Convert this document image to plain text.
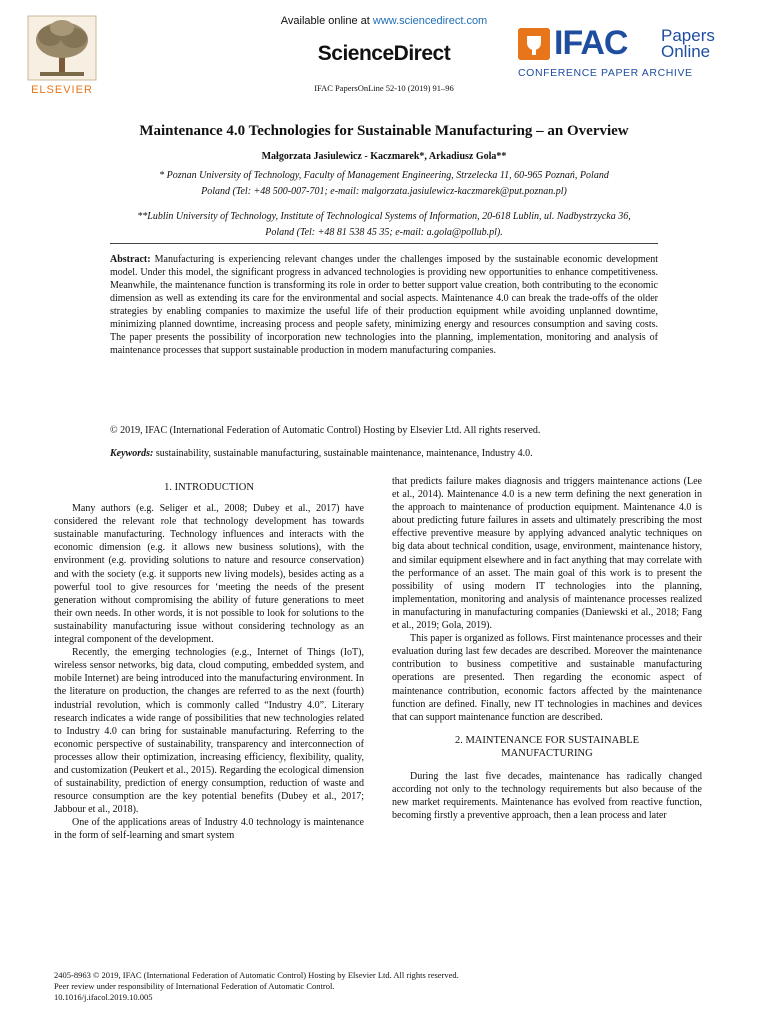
ELSEVIER
Available online at www.sciencedirect.com
ScienceDirect
IFAC PapersOnLine 52-10 (2019) 91–96
IFAC Papers
Online
CONFERENCE PAPER ARCHIVE
Maintenance 4.0 Technologies for Sustainable Manufacturing – an Overview
Małgorzata Jasiulewicz - Kaczmarek*, Arkadiusz Gola**
* Poznan University of Technology, Faculty of Management Engineering, Strzelecka 11, 60-965 Poznań, Poland
Poland (Tel: +48 500-007-701; e-mail: malgorzata.jasiulewicz-kaczmarek@put.poznan.pl)
**Lublin University of Technology, Institute of Technological Systems of Information, 20-618 Lublin, ul. Nadbystrzycka 36,
Poland (Tel: +48 81 538 45 35; e-mail: a.gola@pollub.pl).
Abstract: Manufacturing is experiencing relevant changes under the challenges imposed by the sustainable economic development model. Under this model, the significant progress in advanced technologies is providing new opportunities to enhance competitiveness. Meanwhile, the maintenance function is transforming its role in order to better support value creation, both contributing to the economic dimension as well as extending its care for the environmental and social aspects. Maintenance 4.0 can break the trade-offs of the older strategies by enabling companies to maximize the useful life of their production equipment while avoiding unplanned downtime, minimizing planned downtime, increasing process and people safety, minimizing energy and resources consumption and saving costs. The paper presents the possibility of incorporation new technologies into the planning, implementation, monitoring and analysis of maintenance processes that support sustainable production in modern manufacturing companies.
© 2019, IFAC (International Federation of Automatic Control) Hosting by Elsevier Ltd. All rights reserved.
Keywords: sustainability, sustainable manufacturing, sustainable maintenance, maintenance, Industry 4.0.
1. INTRODUCTION

Many authors (e.g. Seliger et al., 2008; Dubey et al., 2017) have considered the relevant role that technology development has towards sustainable manufacturing. Technology influences and interacts with the economic dimension (e.g. it allows new business solutions), with the environment (e.g. providing solutions to nature and resource conservation) and with the society (e.g. it supports new living models), besides acting as a powerful tool to give resources for ‘meeting the needs of the present generation without compromising the ability of future generations to meet their own needs. In other words, it is not possible to look for solutions to the sustainability manufacturing issue without considering technology as an integral component of the development.

Recently, the emerging technologies (e.g., Internet of Things (IoT), wireless sensor networks, big data, cloud computing, embedded system, and mobile Internet) are being introduced into the manufacturing environment. In the literature on production, the changes are referred to as the next (fourth) industrial revolution, which is commonly called “Industry 4.0”. Literary research indicates a wide range of possibilities that new technologies related to Industry 4.0 can bring for sustainable manufacturing. Referring to the economic perspective of sustainability, transparency and interconnection of processes allow their optimization, increasing efficiency, flexibility, quality, and customization (Peukert et al., 2015). Regarding the ecological dimension of sustainability, prediction of energy consumption, reduction of waste and resource consumption are the key potential benefits (Dubey et al., 2017; Jabbour et al., 2018).

One of the applications areas of Industry 4.0 technology is maintenance in the form of self-learning and smart system

that predicts failure makes diagnosis and triggers maintenance actions (Lee et al., 2014). Maintenance 4.0 is a new term defining the next generation in the approach to maintenance of production equipment. Maintenance 4.0 is about predicting future failures in assets and ultimately prescribing the most effective preventive measure by applying advanced analytic techniques on big data about technical condition, usage, environment, maintenance history, and similar equipment elsewhere and in fact anything that may correlate with the performance of an asset. The main goal of this work is to present the possibility of using modern IT technologies into the planning, implementation, monitoring and analysis of maintenance processes realized in manufacturing in manufacturing companies (Daniewski et al., 2018; Fang et al., 2019; Gola, 2019).

This paper is organized as follows. First maintenance processes and their evaluation during last few decades are described. Moreover the maintenance contribution to business competitive and sustainable manufacturing operations are presented. Then regarding the economic aspect of maintenance contribution, economic factors affected by the maintenance function are defined. Finally, new IT technologies in machines and devices that can support maintenance function are described.

2. MAINTENANCE FOR SUSTAINABLE
MANUFACTURING

During the last five decades, maintenance has radically changed according not only to the technology requirements but also because of the new market requirements. Maintenance has evolved from reactive function, becoming firstly a preventive approach, then a lean process and later

2405-8963 © 2019, IFAC (International Federation of Automatic Control) Hosting by Elsevier Ltd. All rights reserved.
Peer review under responsibility of International Federation of Automatic Control.
10.1016/j.ifacol.2019.10.005
